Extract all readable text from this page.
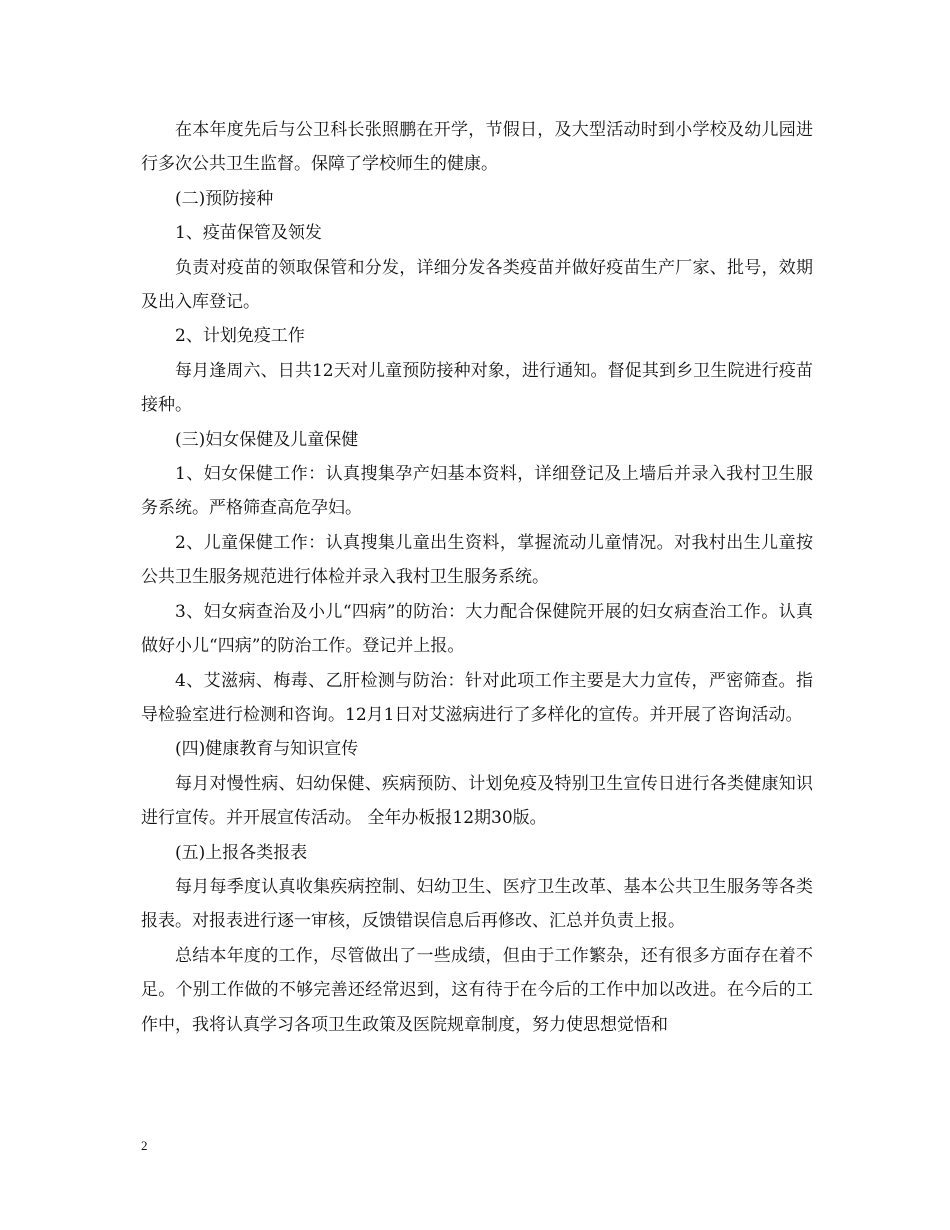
在本年度先后与公卫科长张照鹏在开学，节假日，及大型活动时到小学校及幼儿园进行多次公共卫生监督。保障了学校师生的健康。

(二)预防接种

1、疫苗保管及领发

负责对疫苗的领取保管和分发，详细分发各类疫苗并做好疫苗生产厂家、批号，效期及出入库登记。

2、计划免疫工作

每月逢周六、日共12天对儿童预防接种对象，进行通知。督促其到乡卫生院进行疫苗接种。

(三)妇女保健及儿童保健

1、妇女保健工作：认真搜集孕产妇基本资料，详细登记及上墙后并录入我村卫生服务系统。严格筛查高危孕妇。

2、儿童保健工作：认真搜集儿童出生资料，掌握流动儿童情况。对我村出生儿童按公共卫生服务规范进行体检并录入我村卫生服务系统。

3、妇女病查治及小儿“四病”的防治：大力配合保健院开展的妇女病查治工作。认真做好小儿“四病”的防治工作。登记并上报。

4、艾滋病、梅毒、乙肝检测与防治：针对此项工作主要是大力宣传，严密筛查。指导检验室进行检测和咨询。12月1日对艾滋病进行了多样化的宣传。并开展了咨询活动。

(四)健康教育与知识宣传

每月对慢性病、妇幼保健、疾病预防、计划免疫及特别卫生宣传日进行各类健康知识进行宣传。并开展宣传活动。 全年办板报12期30版。

(五)上报各类报表

每月每季度认真收集疾病控制、妇幼卫生、医疗卫生改革、基本公共卫生服务等各类报表。对报表进行逐一审核，反馈错误信息后再修改、汇总并负责上报。

总结本年度的工作，尽管做出了一些成绩，但由于工作繁杂，还有很多方面存在着不足。个别工作做的不够完善还经常迟到，这有待于在今后的工作中加以改进。在今后的工作中，我将认真学习各项卫生政策及医院规章制度，努力使思想觉悟和

2
